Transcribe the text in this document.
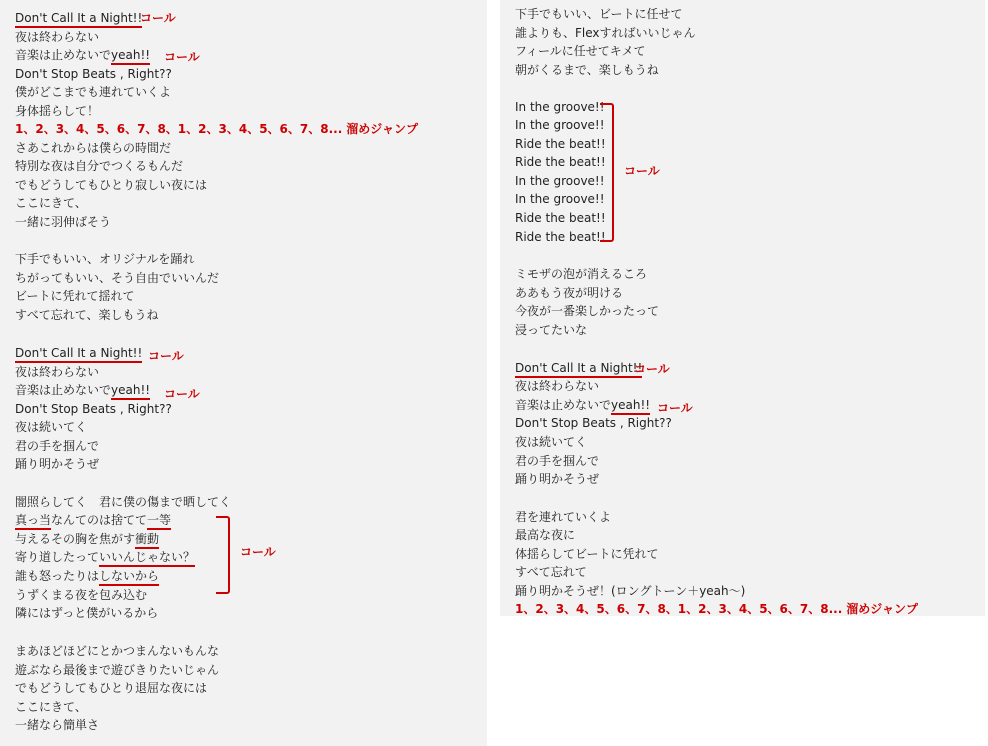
Don't Call It a Night!!
夜は終わらない
音楽は止めないでyeah!!
Don't Stop Beats , Right??
僕がどこまでも連れていくよ
身体揺らして！
1、2、3、4、5、6、7、8、1、2、3、4、5、6、7、8... 溜めジャンプ
さあこれからは僕らの時間だ
特別な夜は自分でつくるもんだ
でもどうしてもひとり寂しい夜には
ここにきて、
一緒に羽伸ばそう
下手でもいい、オリジナルを踊れ
ちがってもいい、そう自由でいいんだ
ビートに凭れて揺れて
すべて忘れて、楽しもうね
Don't Call It a Night!!
夜は終わらない
音楽は止めないでyeah!!
Don't Stop Beats , Right??
夜は続いてく
君の手を掴んで
踊り明かそうぜ
闇照らしてく　君に僕の傷まで晒してく
真っ当なんてのは捨てて一等
与えるその胸を焦がす衝動
寄り道したっていいんじゃない？
誰も怒ったりはしないから
うずくまる夜を包み込む
隣にはずっと僕がいるから
まあほどほどにとかつまんないもんな
遊ぶなら最後まで遊びきりたいじゃん
でもどうしてもひとり退屈な夜には
ここにきて、
一緒なら簡単さ
コール
コール
コール
コール
コール
下手でもいい、ビートに任せて
誰よりも、Flexすればいいじゃん
フィールに任せてキメて
朝がくるまで、楽しもうね
In the groove!!
In the groove!!
Ride the beat!!
Ride the beat!!
In the groove!!
In the groove!!
Ride the beat!!
Ride the beat!!
ミモザの泡が消えるころ
ああもう夜が明ける
今夜が一番楽しかったって
浸ってたいな
Don't Call It a Night!!
夜は終わらない
音楽は止めないでyeah!!
Don't Stop Beats , Right??
夜は続いてく
君の手を掴んで
踊り明かそうぜ
君を連れていくよ
最高な夜に
体揺らしてビートに凭れて
すべて忘れて
踊り明かそうぜ！(ロングトーン＋yeah～)
1、2、3、4、5、6、7、8、1、2、3、4、5、6、7、8... 溜めジャンプ
コール
コール
コール
